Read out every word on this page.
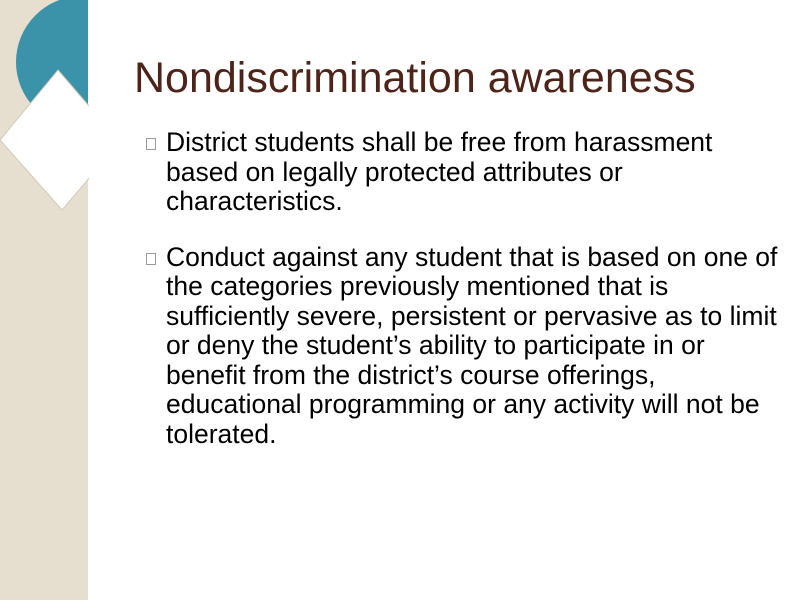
Nondiscrimination awareness
District students shall be free from harassment based on legally protected attributes or characteristics.
Conduct against any student that is based on one of the categories previously mentioned that is sufficiently severe, persistent or pervasive as to limit or deny the student’s ability to participate in or benefit from the district’s course offerings, educational programming or any activity will not be tolerated.
